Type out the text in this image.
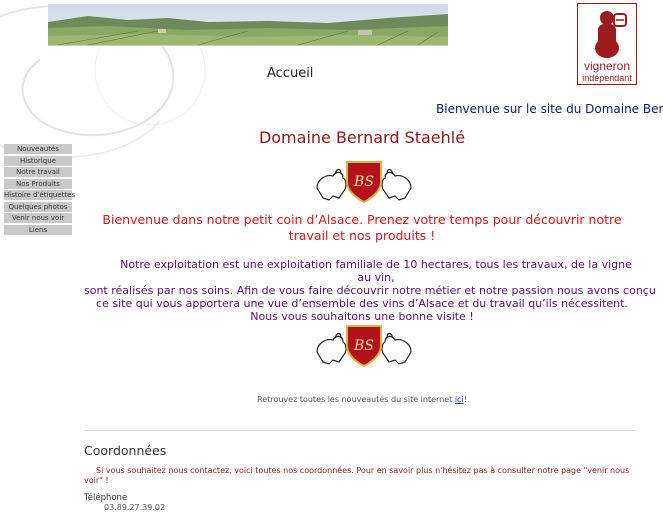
vigneron
indépendant
Accueil
Bienvenue sur le site du Domaine Ber
Nouveautés
Historique
Notre travail
Nos Produits
Histoire d'étiquettes
Quelques photos
Venir nous voir
Liens
Domaine Bernard Staehlé
BS
Bienvenue dans notre petit coin d’Alsace. Prenez votre temps pour découvrir notre travail et nos produits !
Notre exploitation est une exploitation familiale de 10 hectares, tous les travaux, de la vigne au vin,
sont réalisés par nos soins. Afin de vous faire découvrir notre métier et notre passion nous avons conçu
ce site qui vous apportera une vue d’ensemble des vins d’Alsace et du travail qu’ils nécessitent.
Nous vous souhaitons une bonne visite !
BS
Retrouvez toutes les nouveautés du site internet ici!
Coordonnées
Si vous souhaitez nous contactez, voici toutes nos coordonnées. Pour en savoir plus n'hésitez pas à consulter notre page "venir nous voir" !
Téléphone
03.89.27.39.02
